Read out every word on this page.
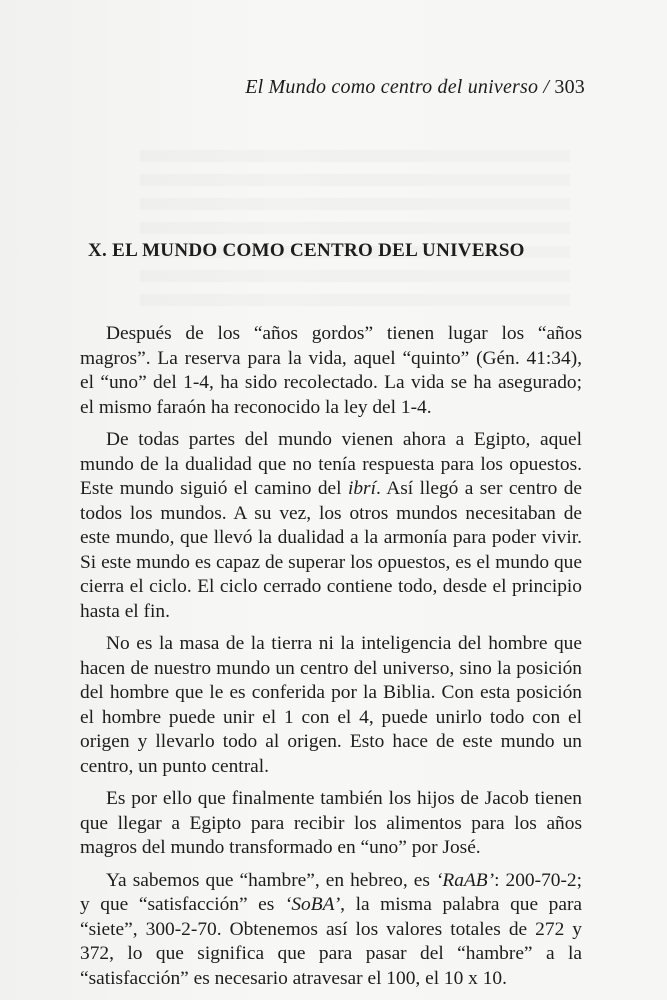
El Mundo como centro del universo / 303
X. EL MUNDO COMO CENTRO DEL UNIVERSO

Después de los “años gordos” tienen lugar los “años magros”. La reserva para la vida, aquel “quinto” (Gén. 41:34), el “uno” del 1-4, ha sido recolectado. La vida se ha asegurado; el mismo faraón ha reconocido la ley del 1-4.

De todas partes del mundo vienen ahora a Egipto, aquel mundo de la dualidad que no tenía respuesta para los opuestos. Este mundo siguió el camino del ibrí. Así llegó a ser centro de todos los mundos. A su vez, los otros mundos necesitaban de este mundo, que llevó la dualidad a la armonía para poder vivir. Si este mundo es capaz de superar los opuestos, es el mundo que cierra el ciclo. El ciclo cerrado contiene todo, desde el principio hasta el fin.

No es la masa de la tierra ni la inteligencia del hombre que hacen de nuestro mundo un centro del universo, sino la posición del hombre que le es conferida por la Biblia. Con esta posición el hombre puede unir el 1 con el 4, puede unirlo todo con el origen y llevarlo todo al origen. Esto hace de este mundo un centro, un punto central.

Es por ello que finalmente también los hijos de Jacob tienen que llegar a Egipto para recibir los alimentos para los años magros del mundo transformado en “uno” por José.

Ya sabemos que “hambre”, en hebreo, es ‘RaAB’: 200-70-2; y que “satisfacción” es ‘SoBA’, la misma palabra que para “siete”, 300-2-70. Obtenemos así los valores totales de 272 y 372, lo que significa que para pasar del “hambre” a la “satisfacción” es necesario atravesar el 100, el 10 x 10.
